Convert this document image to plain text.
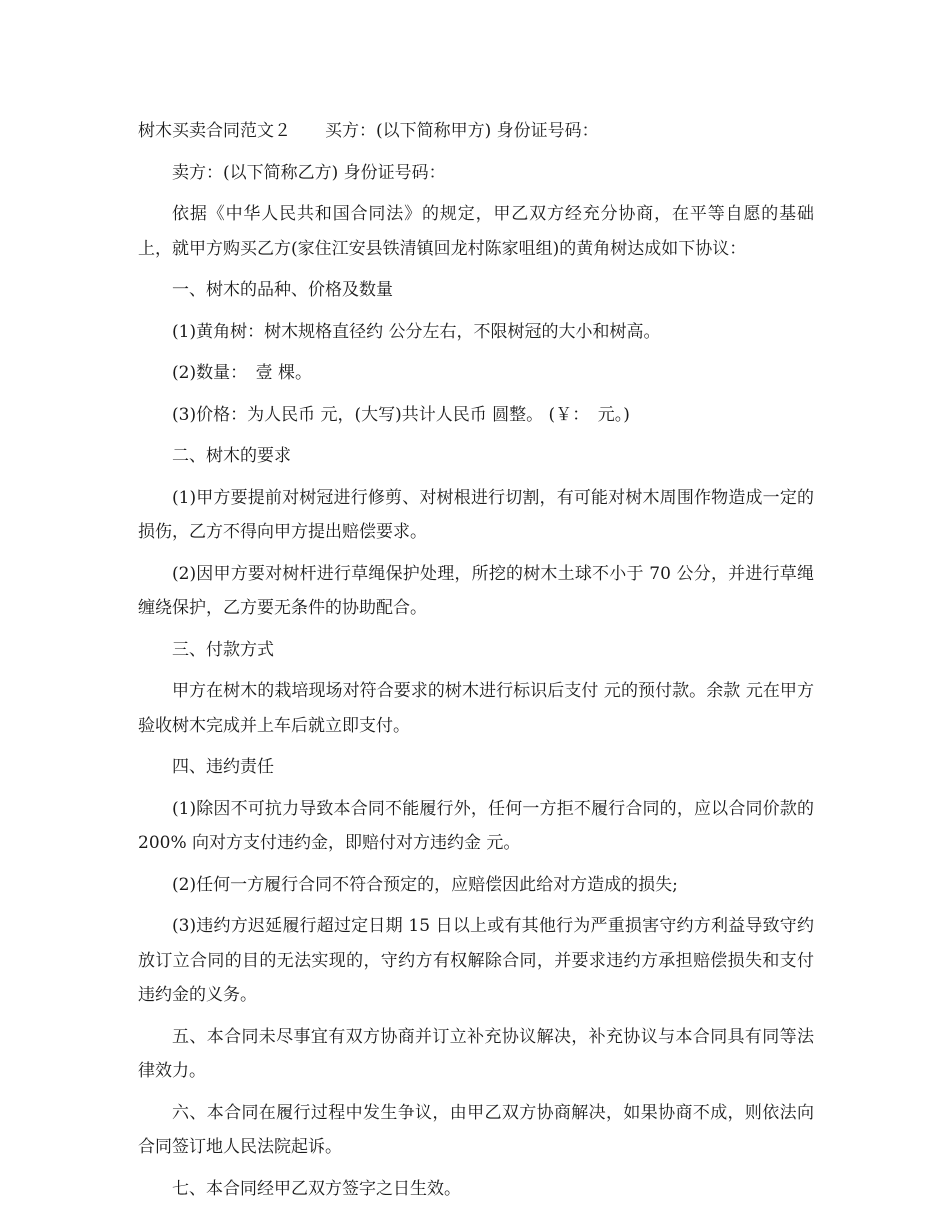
树木买卖合同范文２ 买方：(以下简称甲方) 身份证号码：

卖方：(以下简称乙方) 身份证号码：

依据《中华人民共和国合同法》的规定，甲乙双方经充分协商，在平等自愿的基础上，就甲方购买乙方(家住江安县铁清镇回龙村陈家咀组)的黄角树达成如下协议：

一、树木的品种、价格及数量

(1)黄角树：树木规格直径约 公分左右，不限树冠的大小和树高。

(2)数量：　壹 棵。

(3)价格：为人民币 元，(大写)共计人民币 圆整。 (￥：　元。)

二、树木的要求

(1)甲方要提前对树冠进行修剪、对树根进行切割，有可能对树木周围作物造成一定的损伤，乙方不得向甲方提出赔偿要求。

(2)因甲方要对树杆进行草绳保护处理，所挖的树木土球不小于 70 公分，并进行草绳缠绕保护，乙方要无条件的协助配合。

三、付款方式

甲方在树木的栽培现场对符合要求的树木进行标识后支付 元的预付款。余款 元在甲方验收树木完成并上车后就立即支付。

四、违约责任

(1)除因不可抗力导致本合同不能履行外，任何一方拒不履行合同的，应以合同价款的 200% 向对方支付违约金，即赔付对方违约金 元。

(2)任何一方履行合同不符合预定的，应赔偿因此给对方造成的损失;

(3)违约方迟延履行超过定日期 15 日以上或有其他行为严重损害守约方利益导致守约放订立合同的目的无法实现的，守约方有权解除合同，并要求违约方承担赔偿损失和支付违约金的义务。

五、本合同未尽事宜有双方协商并订立补充协议解决，补充协议与本合同具有同等法律效力。

六、本合同在履行过程中发生争议，由甲乙双方协商解决，如果协商不成，则依法向合同签订地人民法院起诉。

七、本合同经甲乙双方签字之日生效。
